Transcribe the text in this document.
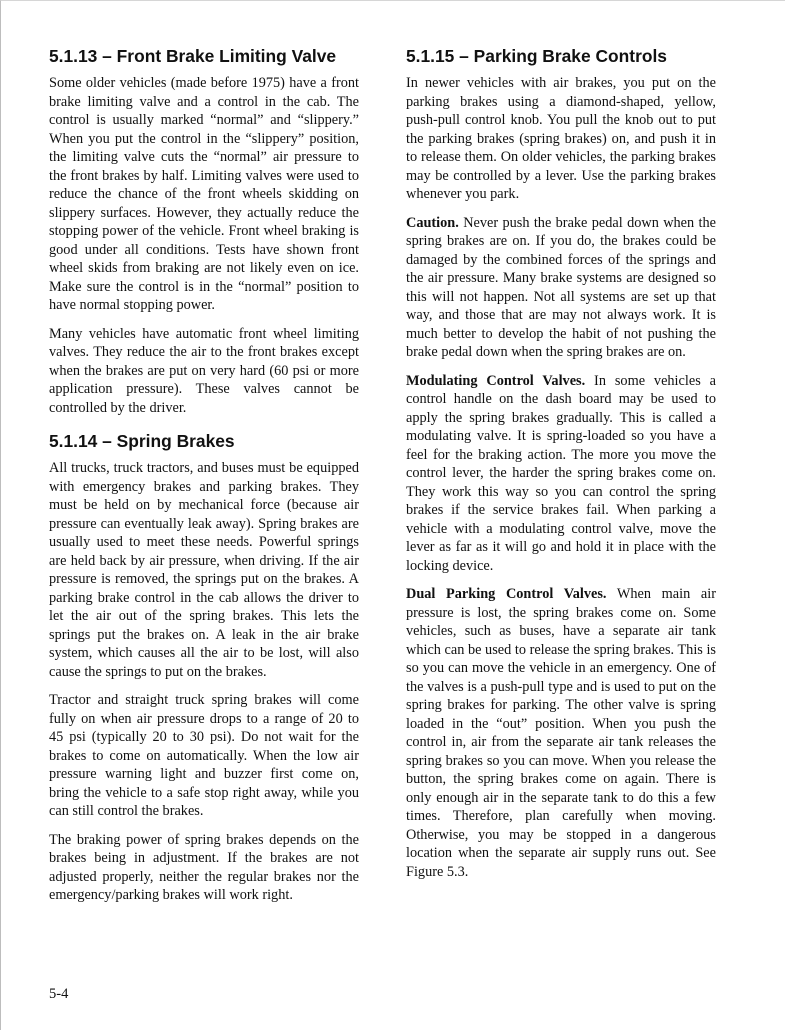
5.1.13 – Front Brake Limiting Valve

Some older vehicles (made before 1975) have a front brake limiting valve and a control in the cab. The control is usually marked “normal” and “slippery.” When you put the control in the “slippery” position, the limiting valve cuts the “normal” air pressure to the front brakes by half. Limiting valves were used to reduce the chance of the front wheels skidding on slippery surfaces. However, they actually reduce the stopping power of the vehicle. Front wheel braking is good under all conditions. Tests have shown front wheel skids from braking are not likely even on ice. Make sure the control is in the “normal” position to have normal stopping power.

Many vehicles have automatic front wheel limiting valves. They reduce the air to the front brakes except when the brakes are put on very hard (60 psi or more application pressure). These valves cannot be controlled by the driver.

5.1.14 – Spring Brakes

All trucks, truck tractors, and buses must be equipped with emergency brakes and parking brakes. They must be held on by mechanical force (because air pressure can eventually leak away). Spring brakes are usually used to meet these needs. Powerful springs are held back by air pressure, when driving. If the air pressure is removed, the springs put on the brakes. A parking brake control in the cab allows the driver to let the air out of the spring brakes. This lets the springs put the brakes on. A leak in the air brake system, which causes all the air to be lost, will also cause the springs to put on the brakes.

Tractor and straight truck spring brakes will come fully on when air pressure drops to a range of 20 to 45 psi (typically 20 to 30 psi). Do not wait for the brakes to come on automatically. When the low air pressure warning light and buzzer first come on, bring the vehicle to a safe stop right away, while you can still control the brakes.

The braking power of spring brakes depends on the brakes being in adjustment. If the brakes are not adjusted properly, neither the regular brakes nor the emergency/parking brakes will work right.

5.1.15 – Parking Brake Controls

In newer vehicles with air brakes, you put on the parking brakes using a diamond-shaped, yellow, push-pull control knob. You pull the knob out to put the parking brakes (spring brakes) on, and push it in to release them. On older vehicles, the parking brakes may be controlled by a lever. Use the parking brakes whenever you park.

Caution. Never push the brake pedal down when the spring brakes are on. If you do, the brakes could be damaged by the combined forces of the springs and the air pressure. Many brake systems are designed so this will not happen. Not all systems are set up that way, and those that are may not always work. It is much better to develop the habit of not pushing the brake pedal down when the spring brakes are on.

Modulating Control Valves. In some vehicles a control handle on the dash board may be used to apply the spring brakes gradually. This is called a modulating valve. It is spring-loaded so you have a feel for the braking action. The more you move the control lever, the harder the spring brakes come on. They work this way so you can control the spring brakes if the service brakes fail. When parking a vehicle with a modulating control valve, move the lever as far as it will go and hold it in place with the locking device.

Dual Parking Control Valves. When main air pressure is lost, the spring brakes come on. Some vehicles, such as buses, have a separate air tank which can be used to release the spring brakes. This is so you can move the vehicle in an emergency. One of the valves is a push-pull type and is used to put on the spring brakes for parking. The other valve is spring loaded in the “out” position. When you push the control in, air from the separate air tank releases the spring brakes so you can move. When you release the button, the spring brakes come on again. There is only enough air in the separate tank to do this a few times. Therefore, plan carefully when moving. Otherwise, you may be stopped in a dangerous location when the separate air supply runs out. See Figure 5.3.

5-4
